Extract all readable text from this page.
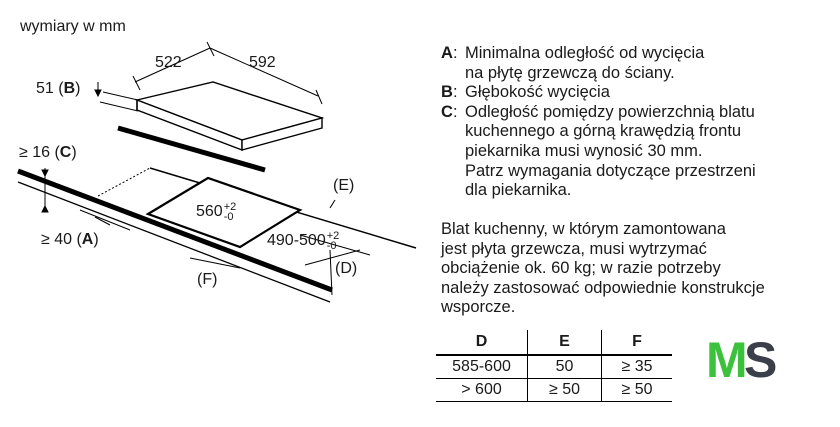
wymiary w mm
522	592
51 (B)
≥ 16 (C)
≥ 40 (A)
560 +2
-0
490-500 +2
-0
(E)
(D)
(F)
A : Minimalna odległość od wycięcia
na płytę grzewczą do ściany.
B : Głębokość wycięcia
C : Odległość pomiędzy powierzchnią blatu
kuchennego a górną krawędzią frontu
piekarnika musi wynosić 30 mm.
Patrz wymagania dotyczące przestrzeni
dla piekarnika.
Blat kuchenny, w którym zamontowana
jest płyta grzewcza, musi wytrzymać
obciążenie ok. 60 kg; w razie potrzeby
należy zastosować odpowiednie konstrukcje
wsporcze.
D	E	F
585-600	50	≥ 35
> 600	≥ 50	≥ 50
M
S
